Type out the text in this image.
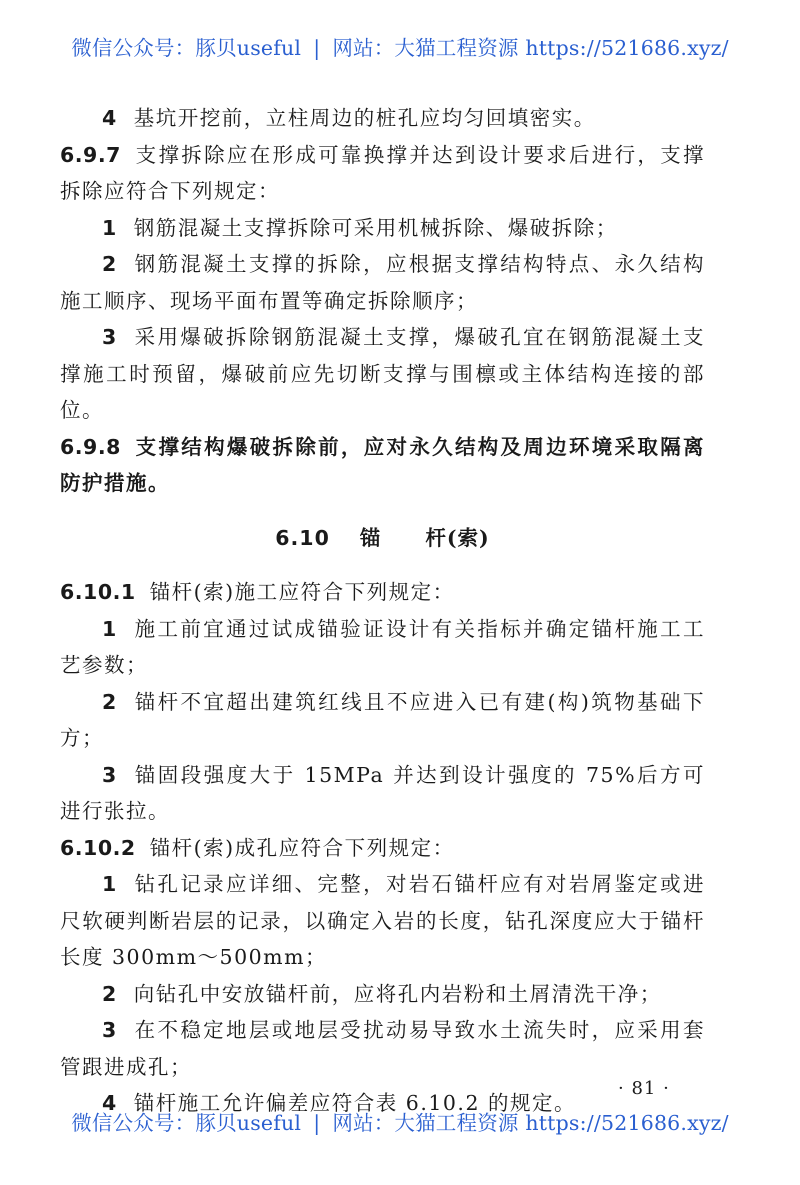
微信公众号：豚贝useful | 网站：大猫工程资源 https://521686.xyz/

4 基坑开挖前，立柱周边的桩孔应均匀回填密实。

6.9.7 支撑拆除应在形成可靠换撑并达到设计要求后进行，支撑拆除应符合下列规定：

1 钢筋混凝土支撑拆除可采用机械拆除、爆破拆除；

2 钢筋混凝土支撑的拆除，应根据支撑结构特点、永久结构施工顺序、现场平面布置等确定拆除顺序；

3 采用爆破拆除钢筋混凝土支撑，爆破孔宜在钢筋混凝土支撑施工时预留，爆破前应先切断支撑与围檩或主体结构连接的部位。

6.9.8 支撑结构爆破拆除前，应对永久结构及周边环境采取隔离防护措施。

6.10 锚 杆(索)

6.10.1 锚杆(索)施工应符合下列规定：

1 施工前宜通过试成锚验证设计有关指标并确定锚杆施工工艺参数；

2 锚杆不宜超出建筑红线且不应进入已有建(构)筑物基础下方；

3 锚固段强度大于 15MPa 并达到设计强度的 75%后方可进行张拉。

6.10.2 锚杆(索)成孔应符合下列规定：

1 钻孔记录应详细、完整，对岩石锚杆应有对岩屑鉴定或进尺软硬判断岩层的记录，以确定入岩的长度，钻孔深度应大于锚杆长度 300mm～500mm；

2 向钻孔中安放锚杆前，应将孔内岩粉和土屑清洗干净；

3 在不稳定地层或地层受扰动易导致水土流失时，应采用套管跟进成孔；

4 锚杆施工允许偏差应符合表 6.10.2 的规定。

· 81 ·
微信公众号：豚贝useful | 网站：大猫工程资源 https://521686.xyz/
